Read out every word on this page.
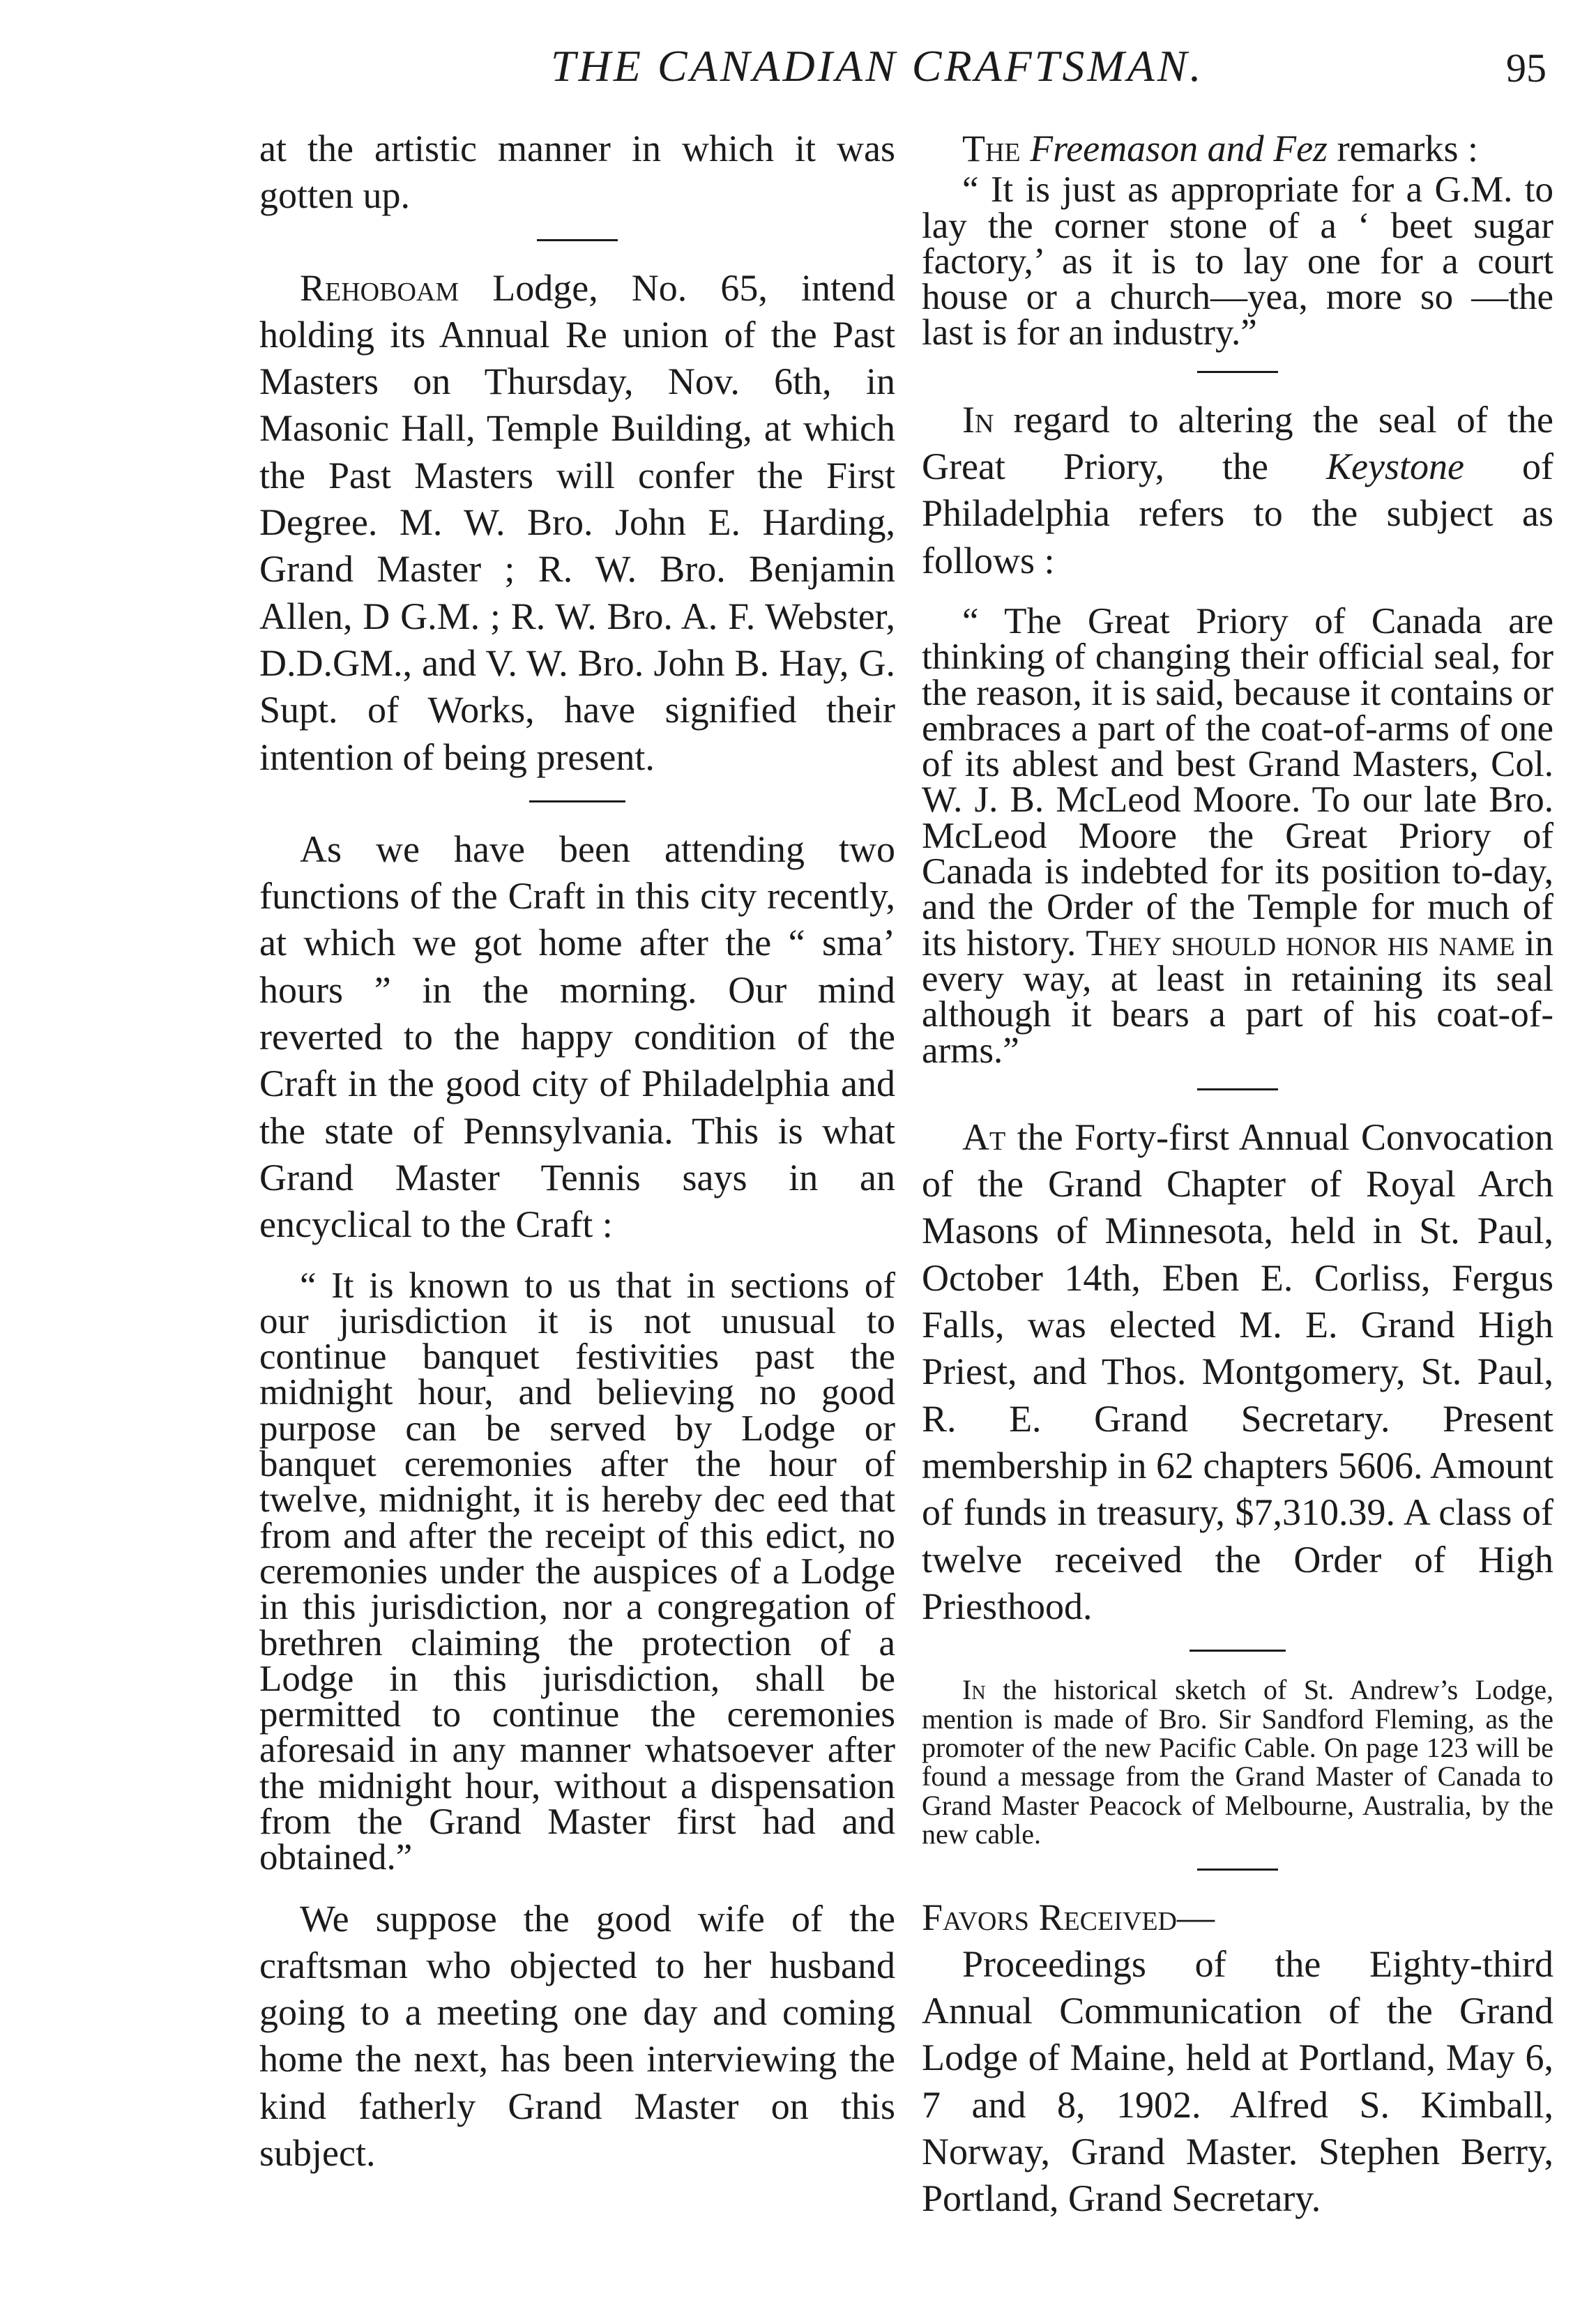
THE CANADIAN CRAFTSMAN.	95

at the artistic manner in which it was gotten up.

Rehoboam Lodge, No. 65, intend holding its Annual Re union of the Past Masters on Thursday, Nov. 6th, in Masonic Hall, Temple Building, at which the Past Masters will confer the First Degree. M. W. Bro. John E. Harding, Grand Master ; R. W. Bro. Benjamin Allen, D G.M. ; R. W. Bro. A. F. Webster, D.D.GM., and V. W. Bro. John B. Hay, G. Supt. of Works, have signified their intention of being present.

As we have been attending two functions of the Craft in this city recently, at which we got home after the “ sma’ hours ” in the morning. Our mind reverted to the happy condition of the Craft in the good city of Philadelphia and the state of Pennsylvania. This is what Grand Master Tennis says in an encyclical to the Craft :

“ It is known to us that in sections of our jurisdiction it is not unusual to continue banquet festivities past the midnight hour, and believing no good purpose can be served by Lodge or banquet ceremonies after the hour of twelve, midnight, it is hereby dec eed that from and after the receipt of this edict, no ceremonies under the auspices of a Lodge in this jurisdiction, nor a congregation of brethren claiming the protection of a Lodge in this jurisdiction, shall be permitted to continue the ceremonies aforesaid in any manner whatsoever after the midnight hour, without a dispensation from the Grand Master first had and obtained.”

We suppose the good wife of the craftsman who objected to her husband going to a meeting one day and coming home the next, has been interviewing the kind fatherly Grand Master on this subject.

The Freemason and Fez remarks :

“ It is just as appropriate for a G.M. to lay the corner stone of a ‘ beet sugar factory,’ as it is to lay one for a court house or a church—yea, more so —the last is for an industry.”

In regard to altering the seal of the Great Priory, the Keystone of Philadelphia refers to the subject as follows :

“ The Great Priory of Canada are thinking of changing their official seal, for the reason, it is said, because it contains or embraces a part of the coat-of-arms of one of its ablest and best Grand Masters, Col. W. J. B. McLeod Moore. To our late Bro. McLeod Moore the Great Priory of Canada is indebted for its position to-day, and the Order of the Temple for much of its history. They should honor his name in every way, at least in retaining its seal although it bears a part of his coat-of-arms.”

At the Forty-first Annual Convocation of the Grand Chapter of Royal Arch Masons of Minnesota, held in St. Paul, October 14th, Eben E. Corliss, Fergus Falls, was elected M. E. Grand High Priest, and Thos. Montgomery, St. Paul, R. E. Grand Secretary. Present membership in 62 chapters 5606. Amount of funds in treasury, $7,310.39. A class of twelve received the Order of High Priesthood.

In the historical sketch of St. Andrew’s Lodge, mention is made of Bro. Sir Sandford Fleming, as the promoter of the new Pacific Cable. On page 123 will be found a message from the Grand Master of Canada to Grand Master Peacock of Melbourne, Australia, by the new cable.

Favors Received—

Proceedings of the Eighty-third Annual Communication of the Grand Lodge of Maine, held at Portland, May 6, 7 and 8, 1902. Alfred S. Kimball, Norway, Grand Master. Stephen Berry, Portland, Grand Secretary.
